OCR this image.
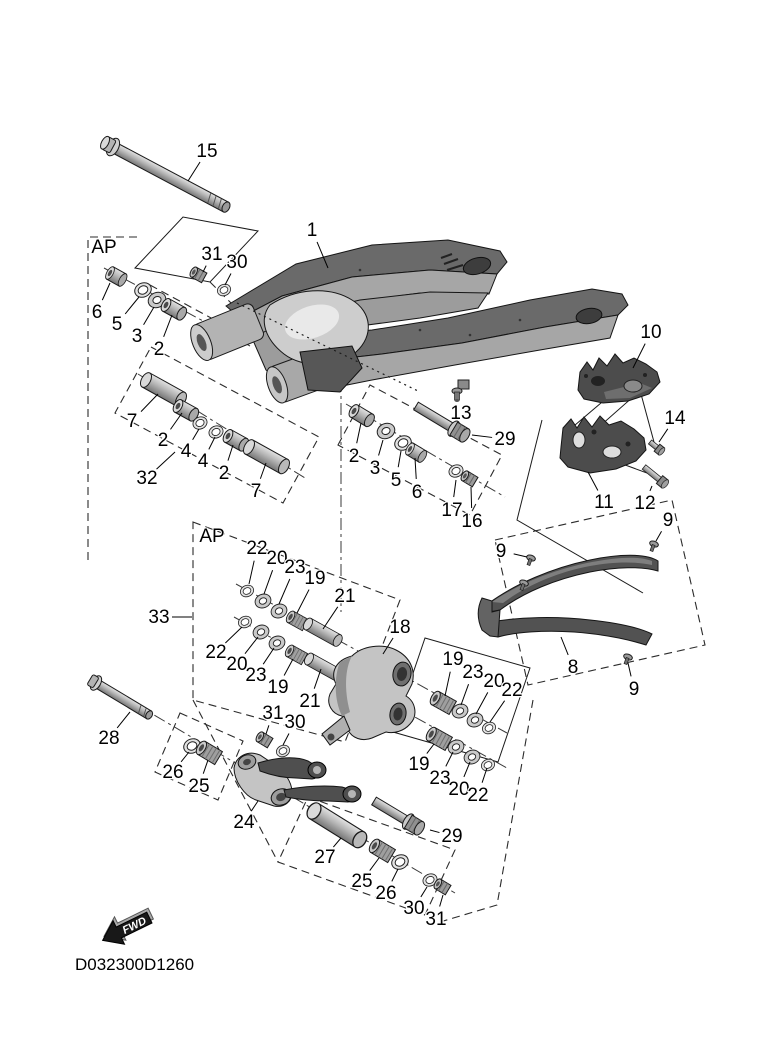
FWD
D032300D1260
AP
AP
15
1
31 30
6
5
3
2
10
7
2
4 4
2
7
32
13
29
2
3
5
6
17
16
14
11 12
9
9
9
8
22
20
23
19
21
33	18
22
20
23
19
21
19
23 20
22
19
23
20
22
28
26
25
24
27
29
25
26
30
31
31 30
